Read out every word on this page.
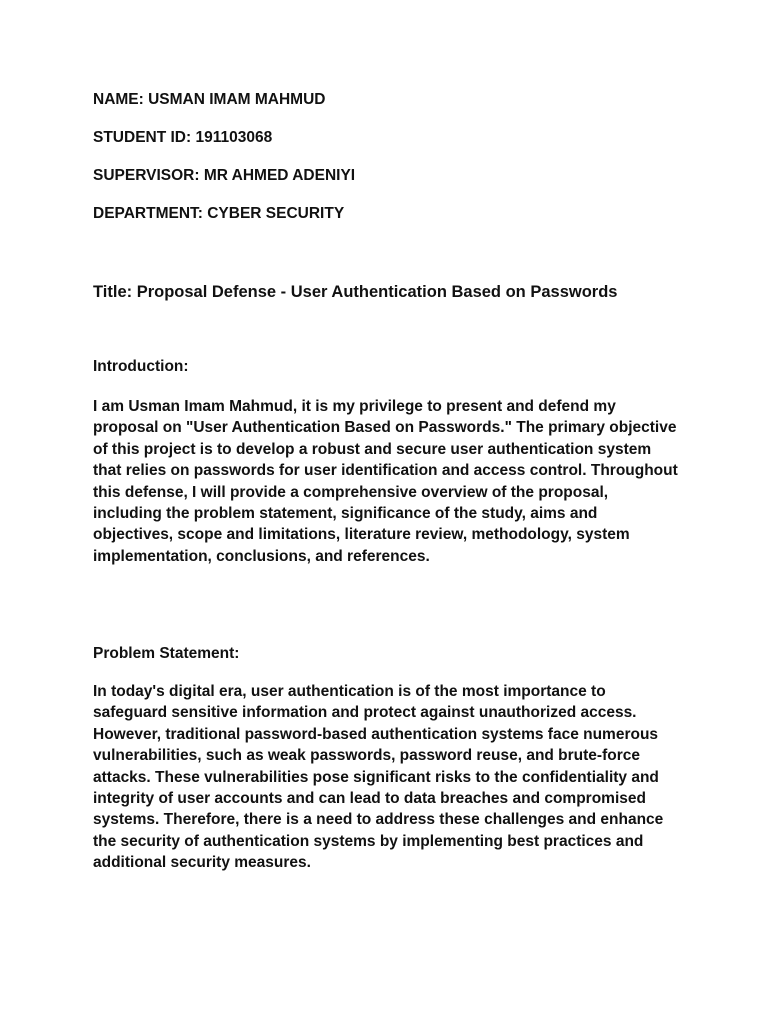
NAME: USMAN IMAM MAHMUD
STUDENT ID: 191103068
SUPERVISOR: MR AHMED ADENIYI
DEPARTMENT: CYBER SECURITY
Title: Proposal Defense - User Authentication Based on Passwords
Introduction:

I am Usman Imam Mahmud, it is my privilege to present and defend my proposal on "User Authentication Based on Passwords." The primary objective of this project is to develop a robust and secure user authentication system that relies on passwords for user identification and access control. Throughout this defense, I will provide a comprehensive overview of the proposal, including the problem statement, significance of the study, aims and objectives, scope and limitations, literature review, methodology, system implementation, conclusions, and references.

Problem Statement:

In today's digital era, user authentication is of the most importance to safeguard sensitive information and protect against unauthorized access. However, traditional password-based authentication systems face numerous vulnerabilities, such as weak passwords, password reuse, and brute-force attacks. These vulnerabilities pose significant risks to the confidentiality and integrity of user accounts and can lead to data breaches and compromised systems. Therefore, there is a need to address these challenges and enhance the security of authentication systems by implementing best practices and additional security measures.
